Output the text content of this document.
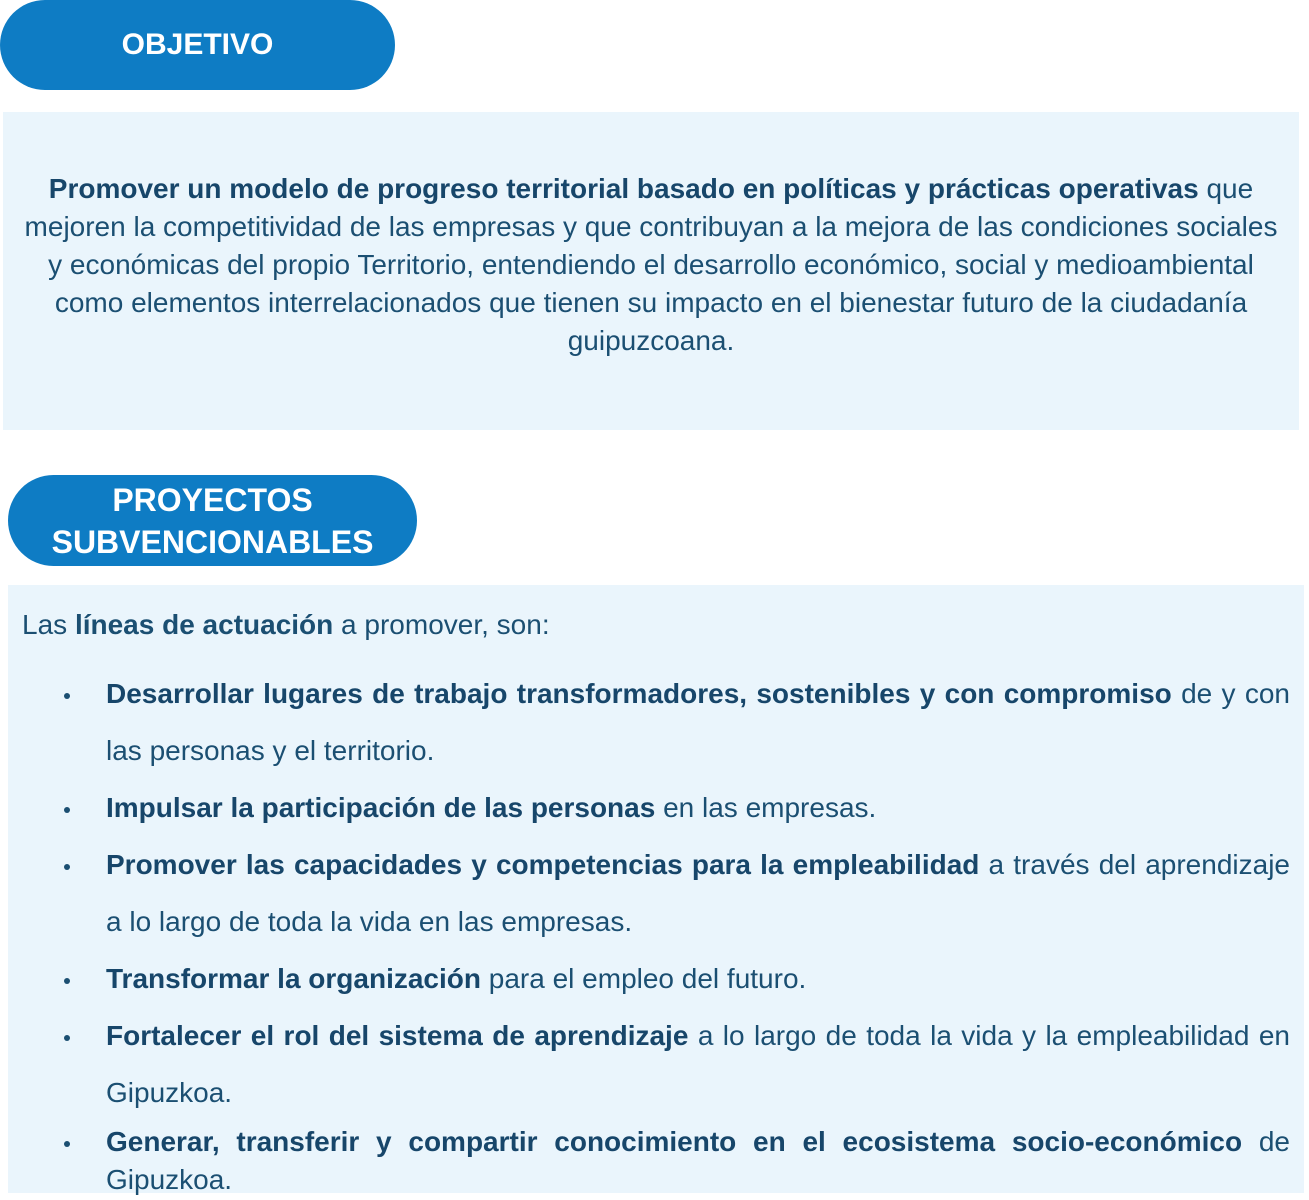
OBJETIVO

Promover un modelo de progreso territorial basado en políticas y prácticas operativas que mejoren la competitividad de las empresas y que contribuyan a la mejora de las condiciones sociales y económicas del propio Territorio, entendiendo el desarrollo económico, social y medioambiental como elementos interrelacionados que tienen su impacto en el bienestar futuro de la ciudadanía guipuzcoana.

PROYECTOS
SUBVENCIONABLES

Las líneas de actuación a promover, son:

Desarrollar lugares de trabajo transformadores, sostenibles y con compromiso de y con las personas y el territorio.
Impulsar la participación de las personas en las empresas.
Promover las capacidades y competencias para la empleabilidad a través del aprendizaje a lo largo de toda la vida en las empresas.
Transformar la organización para el empleo del futuro.
Fortalecer el rol del sistema de aprendizaje a lo largo de toda la vida y la empleabilidad en Gipuzkoa.
Generar, transferir y compartir conocimiento en el ecosistema socio-económico de Gipuzkoa.
